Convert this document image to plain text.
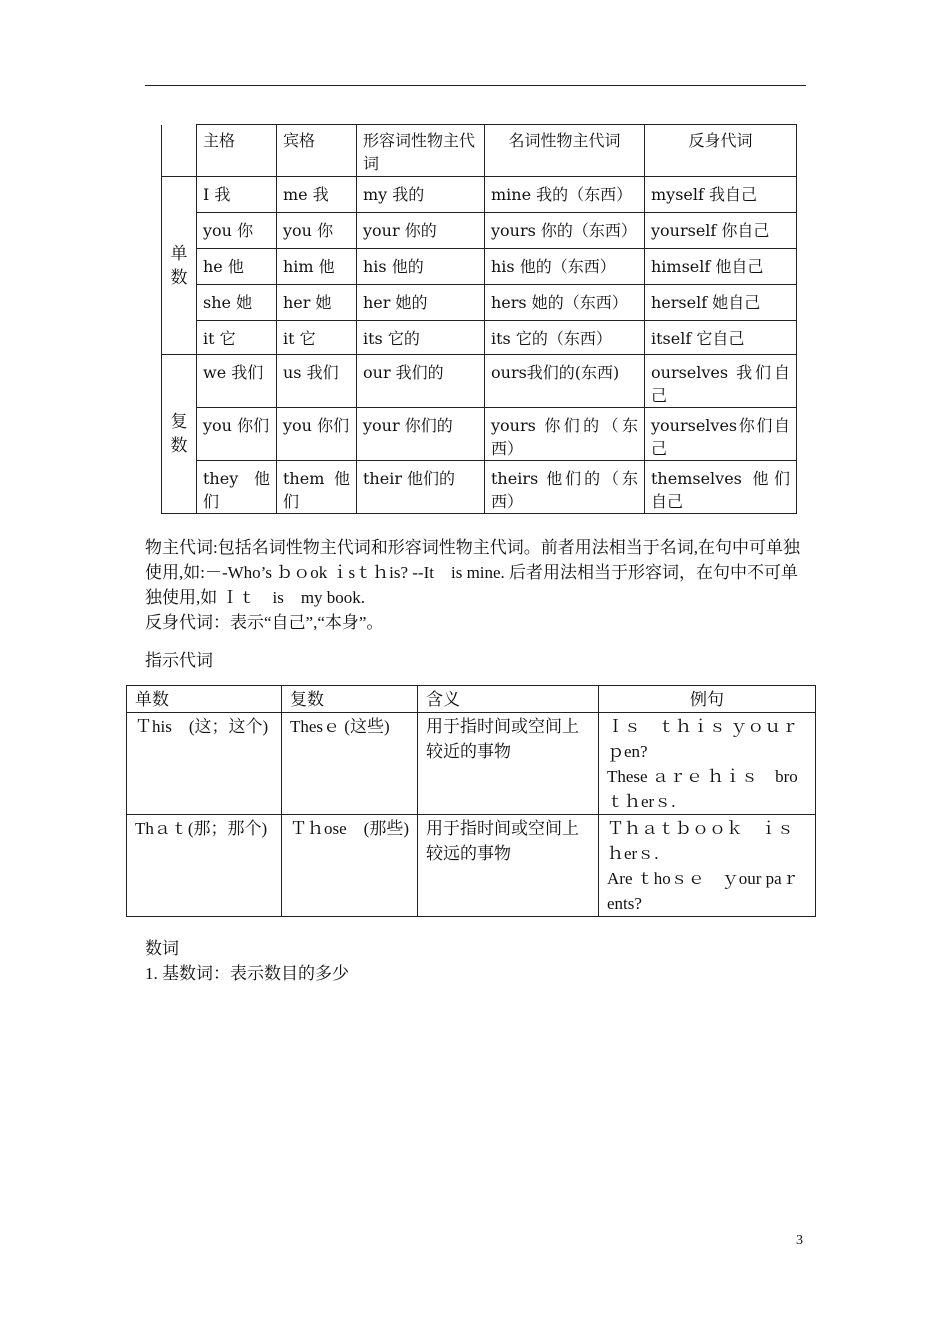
	主格	宾格	形容词性物主代词	名词性物主代词	反身代词
单数	I 我	me 我	my 我的	mine 我的（东西）	myself 我自己
	you 你	you 你	your 你的	yours 你的（东西）	yourself 你自己
	he 他	him 他	his 他的	his 他的（东西）	himself 他自己
	she 她	her 她	her 她的	hers 她的（东西）	herself 她自己
	it 它	it 它	its 它的	its 它的（东西）	itself 它自己
复数	we 我们	us 我们	our 我们的	ours我们的(东西)	ourselves 我们自己
	you 你们	you 你们	your 你们的	yours 你们的（东西）	yourselves你们自己
	they 他们	them 他们	their 他们的	theirs 他们的（东西）	themselves 他们自己

物主代词:包括名词性物主代词和形容词性物主代词。前者用法相当于名词,在句中可单独使用,如:－-Who’s ｂｏok ｉsｔｈis? --It　is mine. 后者用法相当于形容词，在句中不可单独使用,如 Ｉｔ　is　my book.

反身代词：表示“自己”,“本身”。

指示代词
单数	复数	含义	例句
Ｔhis　(这；这个)	Thesｅ (这些)	用于指时间或空间上较近的事物	Ｉｓ　ｔｈｉｓ ｙｏｕｒ　ｐen?
These ａｒｅ ｈｉｓ　broｔｈerｓ.

Thａｔ(那；那个)	Ｔｈose　(那些)	用于指时间或空间上较远的事物	Ｔｈａｔｂｏｏｋ　ｉｓｈerｓ.
Are ｔhoｓｅ　ｙour paｒents?

数词

1. 基数词：表示数目的多少

3
